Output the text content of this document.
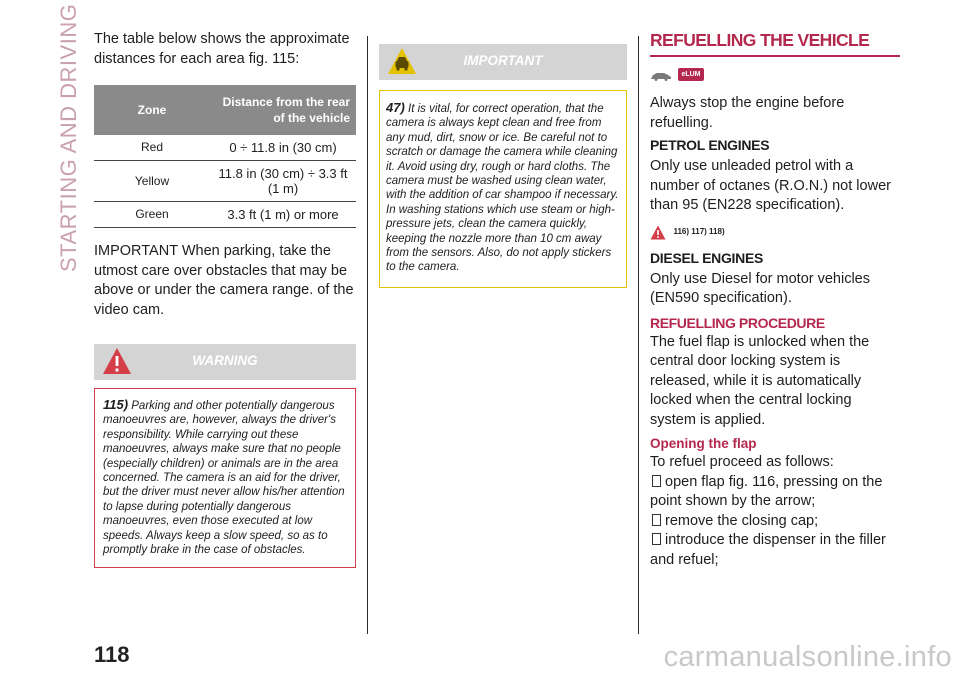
STARTING AND DRIVING The table below shows the approximate distances for each area fig. 115:

Zone	Distance from the rear of the vehicle
Red	0 ÷ 11.8 in (30 cm)
Yellow	11.8 in (30 cm) ÷ 3.3 ft (1 m)
Green	3.3 ft (1 m) or more

IMPORTANT When parking, take the utmost care over obstacles that may be above or under the camera range. of the video cam.

WARNING
115) Parking and other potentially dangerous manoeuvres are, however, always the driver's responsibility. While carrying out these manoeuvres, always make sure that no people (especially children) or animals are in the area concerned. The camera is an aid for the driver, but the driver must never allow his/her attention to lapse during potentially dangerous manoeuvres, even those executed at low speeds. Always keep a slow speed, so as to promptly brake in the case of obstacles.
IMPORTANT
47) It is vital, for correct operation, that the camera is always kept clean and free from any mud, dirt, snow or ice. Be careful not to scratch or damage the camera while cleaning it. Avoid using dry, rough or hard cloths. The camera must be washed using clean water, with the addition of car shampoo if necessary. In washing stations which use steam or high-pressure jets, clean the camera quickly, keeping the nozzle more than 10 cm away from the sensors. Also, do not apply stickers to the camera.
REFUELLING THE VEHICLE
eLUM

Always stop the engine before refuelling.

PETROL ENGINES

Only use unleaded petrol with a number of octanes (R.O.N.) not lower than 95 (EN228 specification).

116) 117) 118)

DIESEL ENGINES

Only use Diesel for motor vehicles (EN590 specification).

REFUELLING PROCEDURE

The fuel flap is unlocked when the central door locking system is released, while it is automatically locked when the central locking system is applied.

Opening the flap

To refuel proceed as follows:

open flap fig. 116, pressing on the point shown by the arrow;
remove the closing cap;
introduce the dispenser in the filler and refuel;
118	carmanualsonline.info
